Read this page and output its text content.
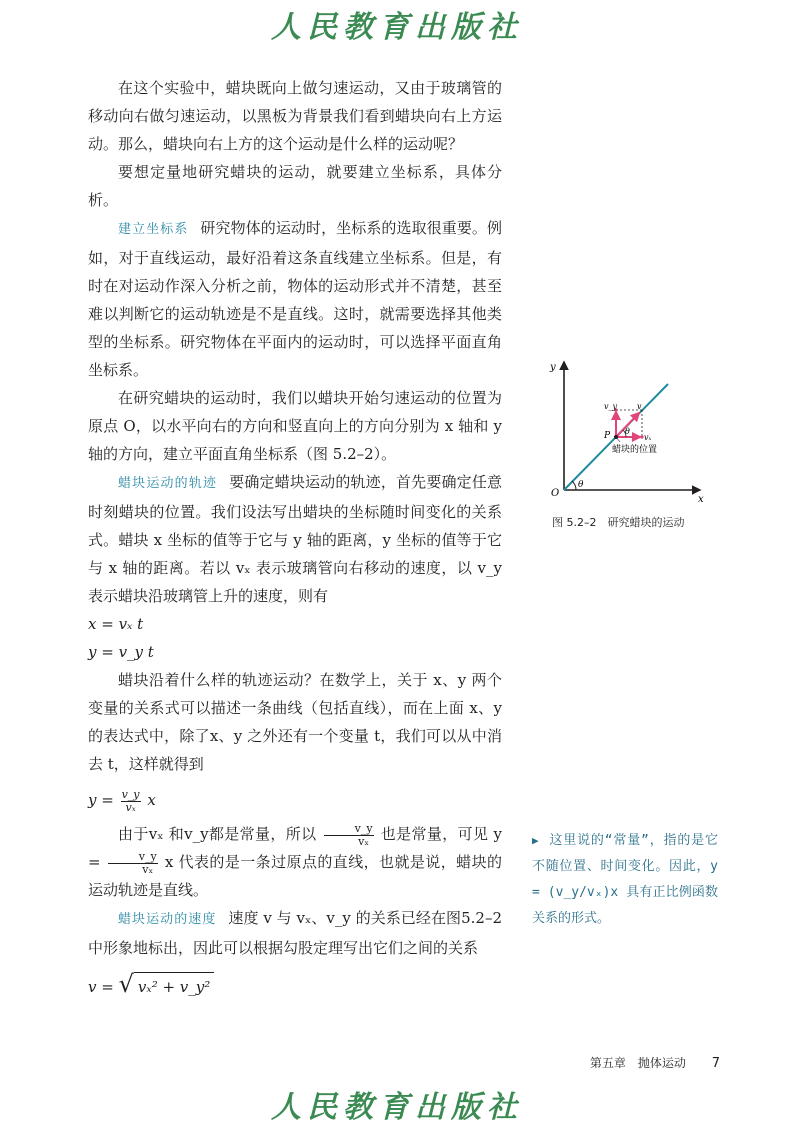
人民教育出版社

在这个实验中，蜡块既向上做匀速运动，又由于玻璃管的移动向右做匀速运动，以黑板为背景我们看到蜡块向右上方运动。那么，蜡块向右上方的这个运动是什么样的运动呢？

要想定量地研究蜡块的运动，就要建立坐标系，具体分析。

建立坐标系 研究物体的运动时，坐标系的选取很重要。例如，对于直线运动，最好沿着这条直线建立坐标系。但是，有时在对运动作深入分析之前，物体的运动形式并不清楚，甚至难以判断它的运动轨迹是不是直线。这时，就需要选择其他类型的坐标系。研究物体在平面内的运动时，可以选择平面直角坐标系。

在研究蜡块的运动时，我们以蜡块开始匀速运动的位置为原点 O，以水平向右的方向和竖直向上的方向分别为 x 轴和 y 轴的方向，建立平面直角坐标系（图 5.2–2）。

蜡块运动的轨迹 要确定蜡块运动的轨迹，首先要确定任意时刻蜡块的位置。我们设法写出蜡块的坐标随时间变化的关系式。蜡块 x 坐标的值等于它与 y 轴的距离，y 坐标的值等于它与 x 轴的距离。若以 vₓ 表示玻璃管向右移动的速度，以 v_y 表示蜡块沿玻璃管上升的速度，则有

x = vₓ t

y = v_y t

蜡块沿着什么样的轨迹运动？在数学上，关于 x、y 两个变量的关系式可以描述一条曲线（包括直线），而在上面 x、y 的表达式中，除了x、y 之外还有一个变量 t，我们可以从中消去 t，这样就得到

$y = \frac{v\_y}{\text{vₓ}}$ x

由于vₓ 和v_y都是常量，所以 $\frac{v\_y}{\text{vₓ}}$ 也是常量，可见 $y = \frac{v\_y}{\text{vₓ}}$ x 代表的是一条过原点的直线，也就是说，蜡块的运动轨迹是直线。

蜡块运动的速度 速度 v 与 vₓ、v_y 的关系已经在图5.2–2中形象地标出，因此可以根据勾股定理写出它们之间的关系

v = √ vₓ² + v_y²

y
x
O
θ
P
v_y v
θ
vₓ
蜡块的位置
图 5.2–2　研究蜡块的运动
▶ 这里说的“常量”，指的是它不随位置、时间变化。因此，y = (v_y/vₓ)x 具有正比例函数关系的形式。
第五章　抛体运动 7
人民教育出版社
